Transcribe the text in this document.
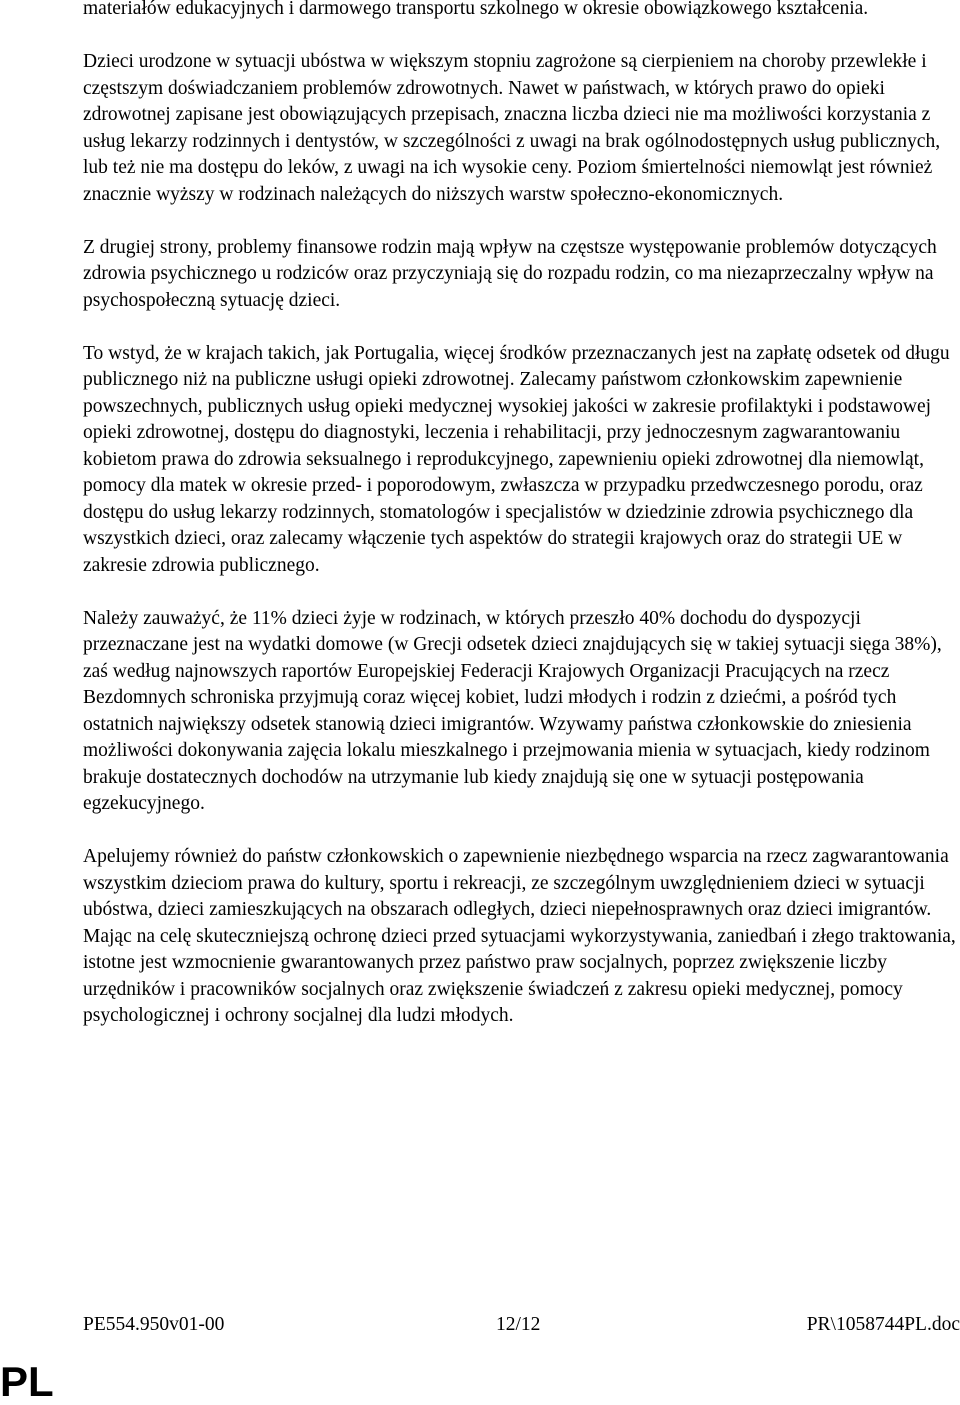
materiałów edukacyjnych i darmowego transportu szkolnego w okresie obowiązkowego kształcenia.

Dzieci urodzone w sytuacji ubóstwa w większym stopniu zagrożone są cierpieniem na choroby przewlekłe i częstszym doświadczaniem problemów zdrowotnych. Nawet w państwach, w których prawo do opieki zdrowotnej zapisane jest obowiązujących przepisach, znaczna liczba dzieci nie ma możliwości korzystania z usług lekarzy rodzinnych i dentystów, w szczególności z uwagi na brak ogólnodostępnych usług publicznych, lub też nie ma dostępu do leków, z uwagi na ich wysokie ceny. Poziom śmiertelności niemowląt jest również znacznie wyższy w rodzinach należących do niższych warstw społeczno-ekonomicznych.

Z drugiej strony, problemy finansowe rodzin mają wpływ na częstsze występowanie problemów dotyczących zdrowia psychicznego u rodziców oraz przyczyniają się do rozpadu rodzin, co ma niezaprzeczalny wpływ na psychospołeczną sytuację dzieci.

To wstyd, że w krajach takich, jak Portugalia, więcej środków przeznaczanych jest na zapłatę odsetek od długu publicznego niż na publiczne usługi opieki zdrowotnej. Zalecamy państwom członkowskim zapewnienie powszechnych, publicznych usług opieki medycznej wysokiej jakości w zakresie profilaktyki i podstawowej opieki zdrowotnej, dostępu do diagnostyki, leczenia i rehabilitacji, przy jednoczesnym zagwarantowaniu kobietom prawa do zdrowia seksualnego i reprodukcyjnego, zapewnieniu opieki zdrowotnej dla niemowląt, pomocy dla matek w okresie przed- i poporodowym, zwłaszcza w przypadku przedwczesnego porodu, oraz dostępu do usług lekarzy rodzinnych, stomatologów i specjalistów w dziedzinie zdrowia psychicznego dla wszystkich dzieci, oraz zalecamy włączenie tych aspektów do strategii krajowych oraz do strategii UE w zakresie zdrowia publicznego.

Należy zauważyć, że 11% dzieci żyje w rodzinach, w których przeszło 40% dochodu do dyspozycji przeznaczane jest na wydatki domowe (w Grecji odsetek dzieci znajdujących się w takiej sytuacji sięga 38%), zaś według najnowszych raportów Europejskiej Federacji Krajowych Organizacji Pracujących na rzecz Bezdomnych schroniska przyjmują coraz więcej kobiet, ludzi młodych i rodzin z dziećmi, a pośród tych ostatnich największy odsetek stanowią dzieci imigrantów. Wzywamy państwa członkowskie do zniesienia możliwości dokonywania zajęcia lokalu mieszkalnego i przejmowania mienia w sytuacjach, kiedy rodzinom brakuje dostatecznych dochodów na utrzymanie lub kiedy znajdują się one w sytuacji postępowania egzekucyjnego.

Apelujemy również do państw członkowskich o zapewnienie niezbędnego wsparcia na rzecz zagwarantowania wszystkim dzieciom prawa do kultury, sportu i rekreacji, ze szczególnym uwzględnieniem dzieci w sytuacji ubóstwa, dzieci zamieszkujących na obszarach odległych, dzieci niepełnosprawnych oraz dzieci imigrantów. Mając na celę skuteczniejszą ochronę dzieci przed sytuacjami wykorzystywania, zaniedbań i złego traktowania, istotne jest wzmocnienie gwarantowanych przez państwo praw socjalnych, poprzez zwiększenie liczby urzędników i pracowników socjalnych oraz zwiększenie świadczeń z zakresu opieki medycznej, pomocy psychologicznej i ochrony socjalnej dla ludzi młodych.

PE554.950v01-00	12/12	PR\1058744PL.doc
PL
